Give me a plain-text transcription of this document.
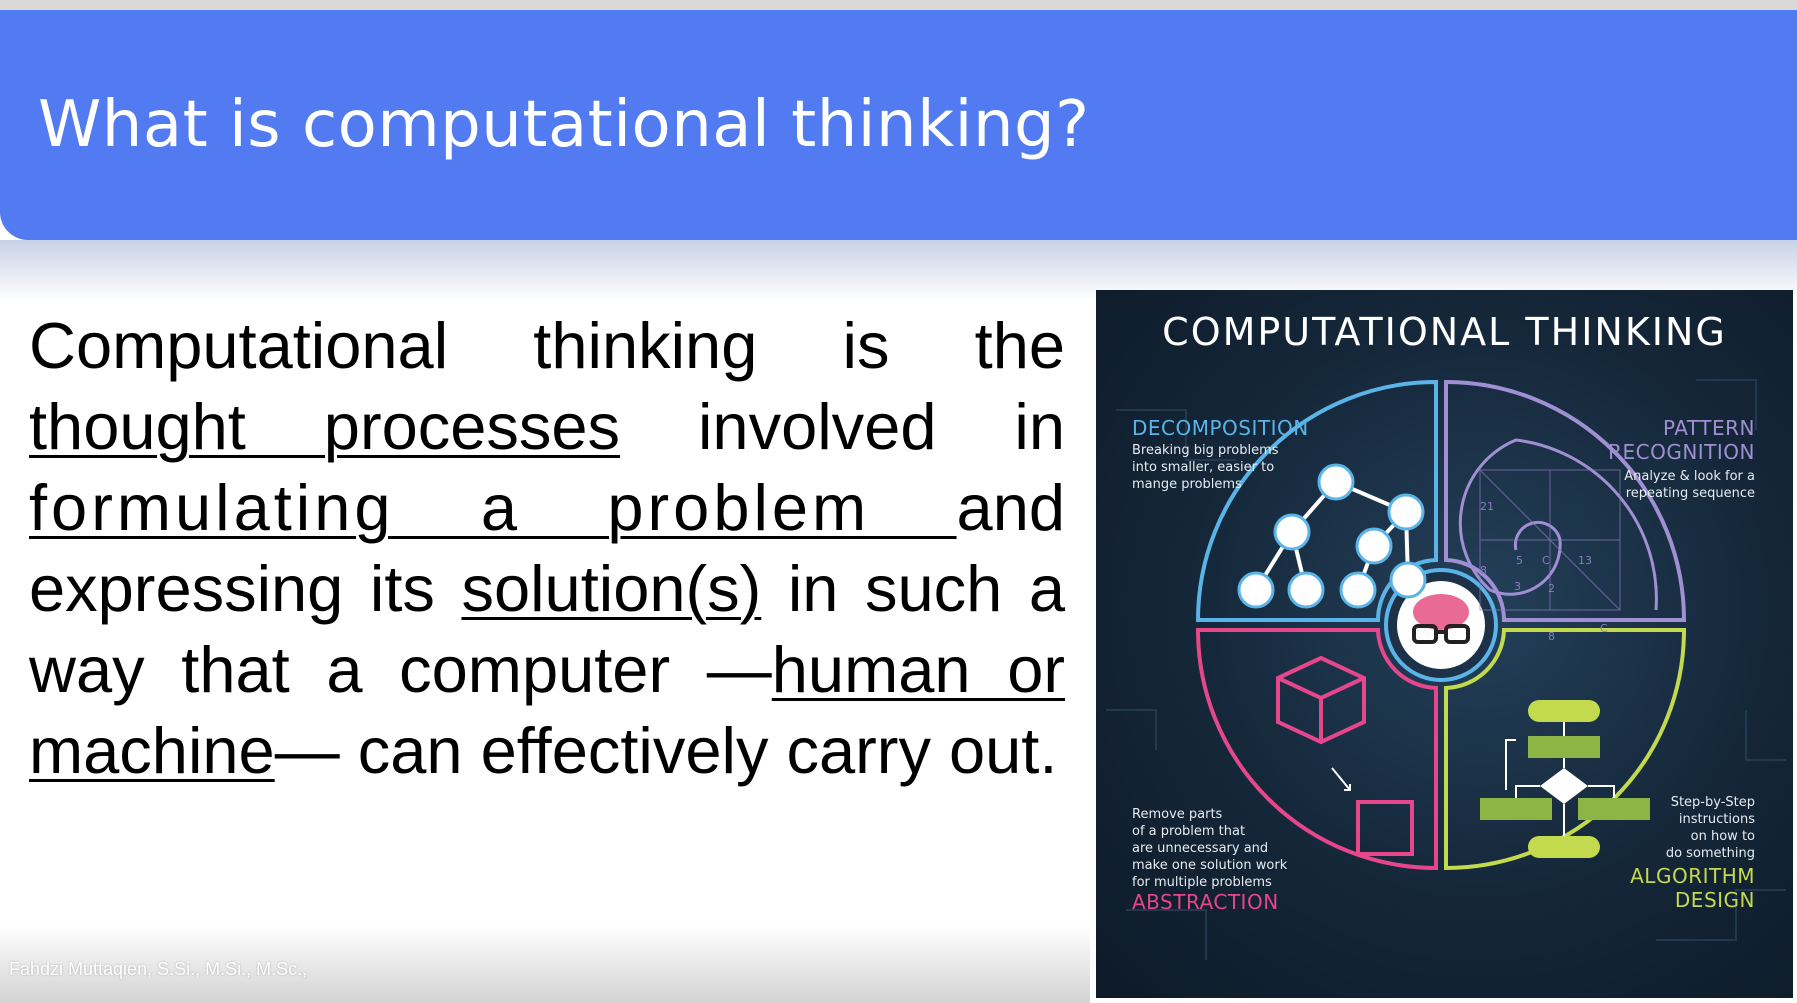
What is computational thinking?
Computational thinking is the thought processes involved in formulating a problem and expressing its solution(s) in such a way that a computer —human or machine— can effectively carry out.
Fahdzi Muttaqien, S.Si., M.Si., M.Sc.,
21
8
5 C	13
3 2
8
C
COMPUTATIONAL THINKING
DECOMPOSITION
Breaking big problems
into smaller, easier to
mange problems
PATTERN
RECOGNITION
Analyze & look for a
repeating sequence
Remove parts
of a problem that
are unnecessary and
make one solution work
for multiple problems
ABSTRACTION
Step-by-Step
instructions
on how to
do something
ALGORITHM
DESIGN
